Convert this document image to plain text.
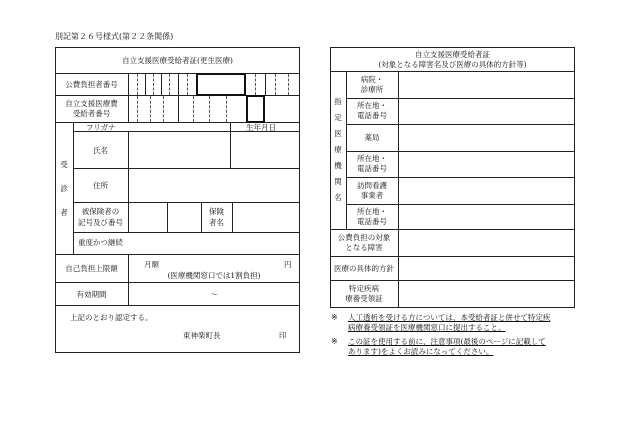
別記第２６号様式(第２２条関係)
自立支援医療受給者証(更生医療)
公費負担者番号
自立支援医療費
受給者番号
フリガナ	生年月日
受
診
者
氏名
住所
被保険者の
記号及び番号
保険
者名
重度かつ継続
自己負担上限額	月額	円
(医療機関窓口では1割負担)
有効期間	～
上記のとおり認定する。
東神楽町長	印
自立支援医療受給者証
(対象となる障害名及び医療の具体的方針等)
指
定
医
療
機
関
名
病院・
診療所
所在地・
電話番号
薬局
所在地・
電話番号
訪問看護
事業者
所在地・
電話番号
公費負担の対象
となる障害
医療の具体的方針
特定疾病
療養受領証
※ 人工透析を受ける方については、本受給者証と併せて特定疾
病療養受領証を医療機関窓口に提出すること。
※ この証を使用する前に、注意事項(最後のページに記載して
あります)をよくお読みになってください。
